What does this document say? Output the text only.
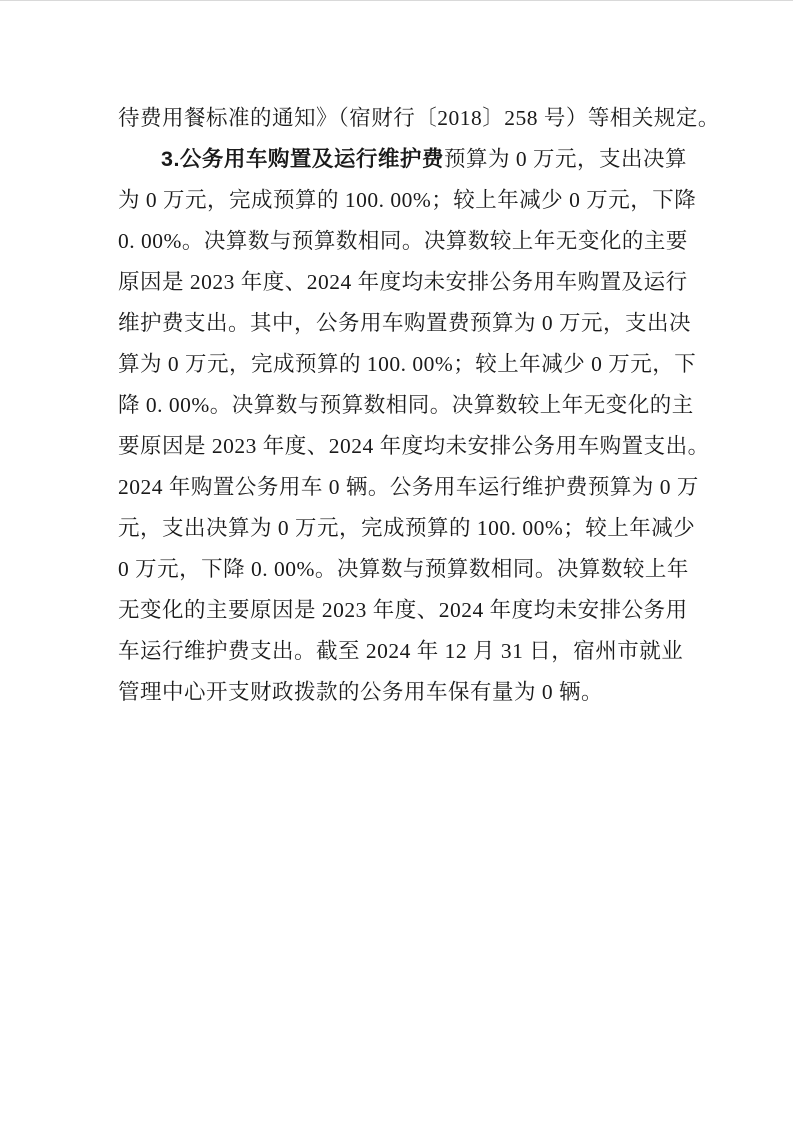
待费用餐标准的通知》（宿财行〔2018〕258 号）等相关规定。
3.公务用车购置及运行维护费预算为 0 万元，支出决算
为 0 万元，完成预算的 100. 00%；较上年减少 0 万元，下降
0. 00%。决算数与预算数相同。决算数较上年无变化的主要
原因是 2023 年度、2024 年度均未安排公务用车购置及运行
维护费支出。其中，公务用车购置费预算为 0 万元，支出决
算为 0 万元，完成预算的 100. 00%；较上年减少 0 万元，下
降 0. 00%。决算数与预算数相同。决算数较上年无变化的主
要原因是 2023 年度、2024 年度均未安排公务用车购置支出。
2024 年购置公务用车 0 辆。公务用车运行维护费预算为 0 万
元，支出决算为 0 万元，完成预算的 100. 00%；较上年减少
0 万元，下降 0. 00%。决算数与预算数相同。决算数较上年
无变化的主要原因是 2023 年度、2024 年度均未安排公务用
车运行维护费支出。截至 2024 年 12 月 31 日，宿州市就业
管理中心开支财政拨款的公务用车保有量为 0 辆。
